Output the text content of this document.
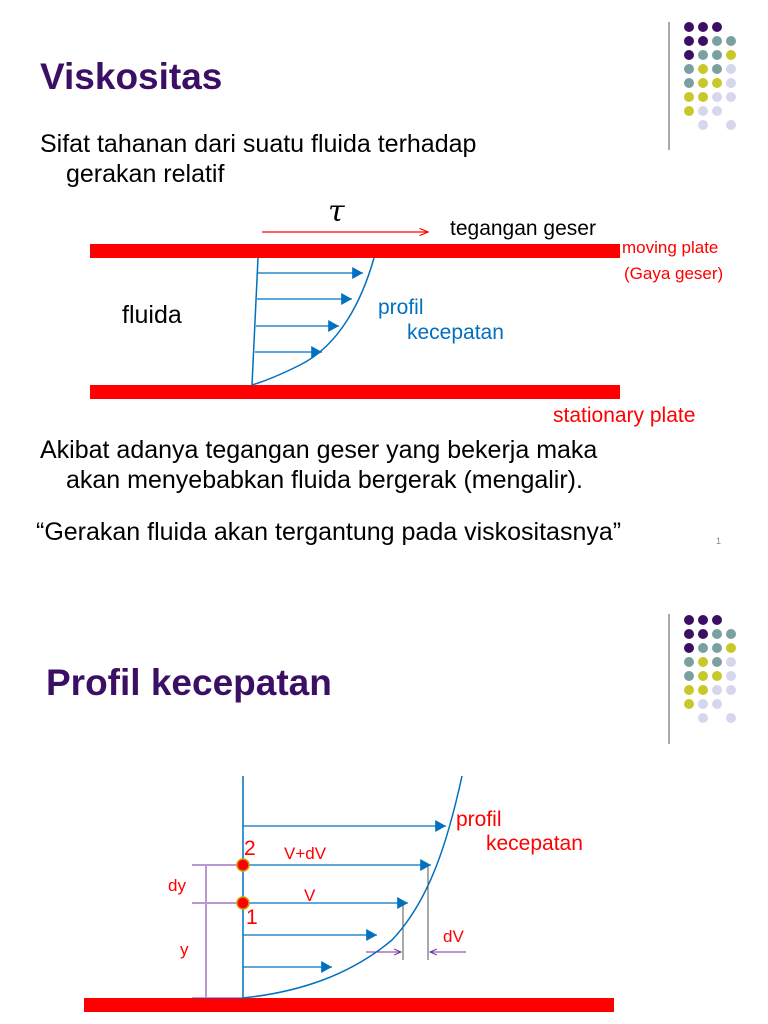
Viskositas

Sifat tahanan dari suatu fluida terhadap

gerakan relatif

τ	tegangan geser

moving plate

(Gaya geser)

fluida	profil

kecepatan

stationary plate

Akibat adanya tegangan geser yang bekerja maka

akan menyebabkan fluida bergerak (mengalir).

“Gerakan fluida akan tergantung pada viskositasnya”	1

Profil kecepatan

profil

kecepatan

2 V+dV

V

1

dy

y

dV
